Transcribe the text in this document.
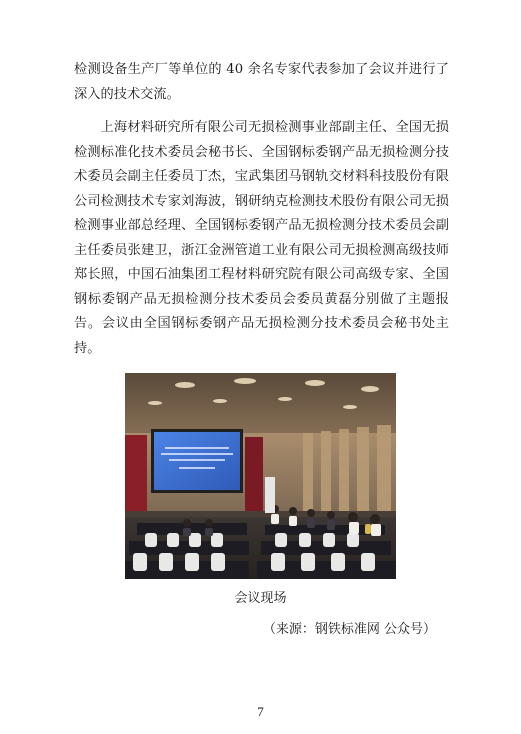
检测设备生产厂等单位的 40 余名专家代表参加了会议并进行了深入的技术交流。

上海材料研究所有限公司无损检测事业部副主任、全国无损检测标准化技术委员会秘书长、全国钢标委钢产品无损检测分技术委员会副主任委员丁杰，宝武集团马钢轨交材料科技股份有限公司检测技术专家刘海波，钢研纳克检测技术股份有限公司无损检测事业部总经理、全国钢标委钢产品无损检测分技术委员会副主任委员张建卫，浙江金洲管道工业有限公司无损检测高级技师郑长照，中国石油集团工程材料研究院有限公司高级专家、全国钢标委钢产品无损检测分技术委员会委员黄磊分别做了主题报告。会议由全国钢标委钢产品无损检测分技术委员会秘书处主持。

会议现场
（来源：钢铁标准网 公众号）
7
